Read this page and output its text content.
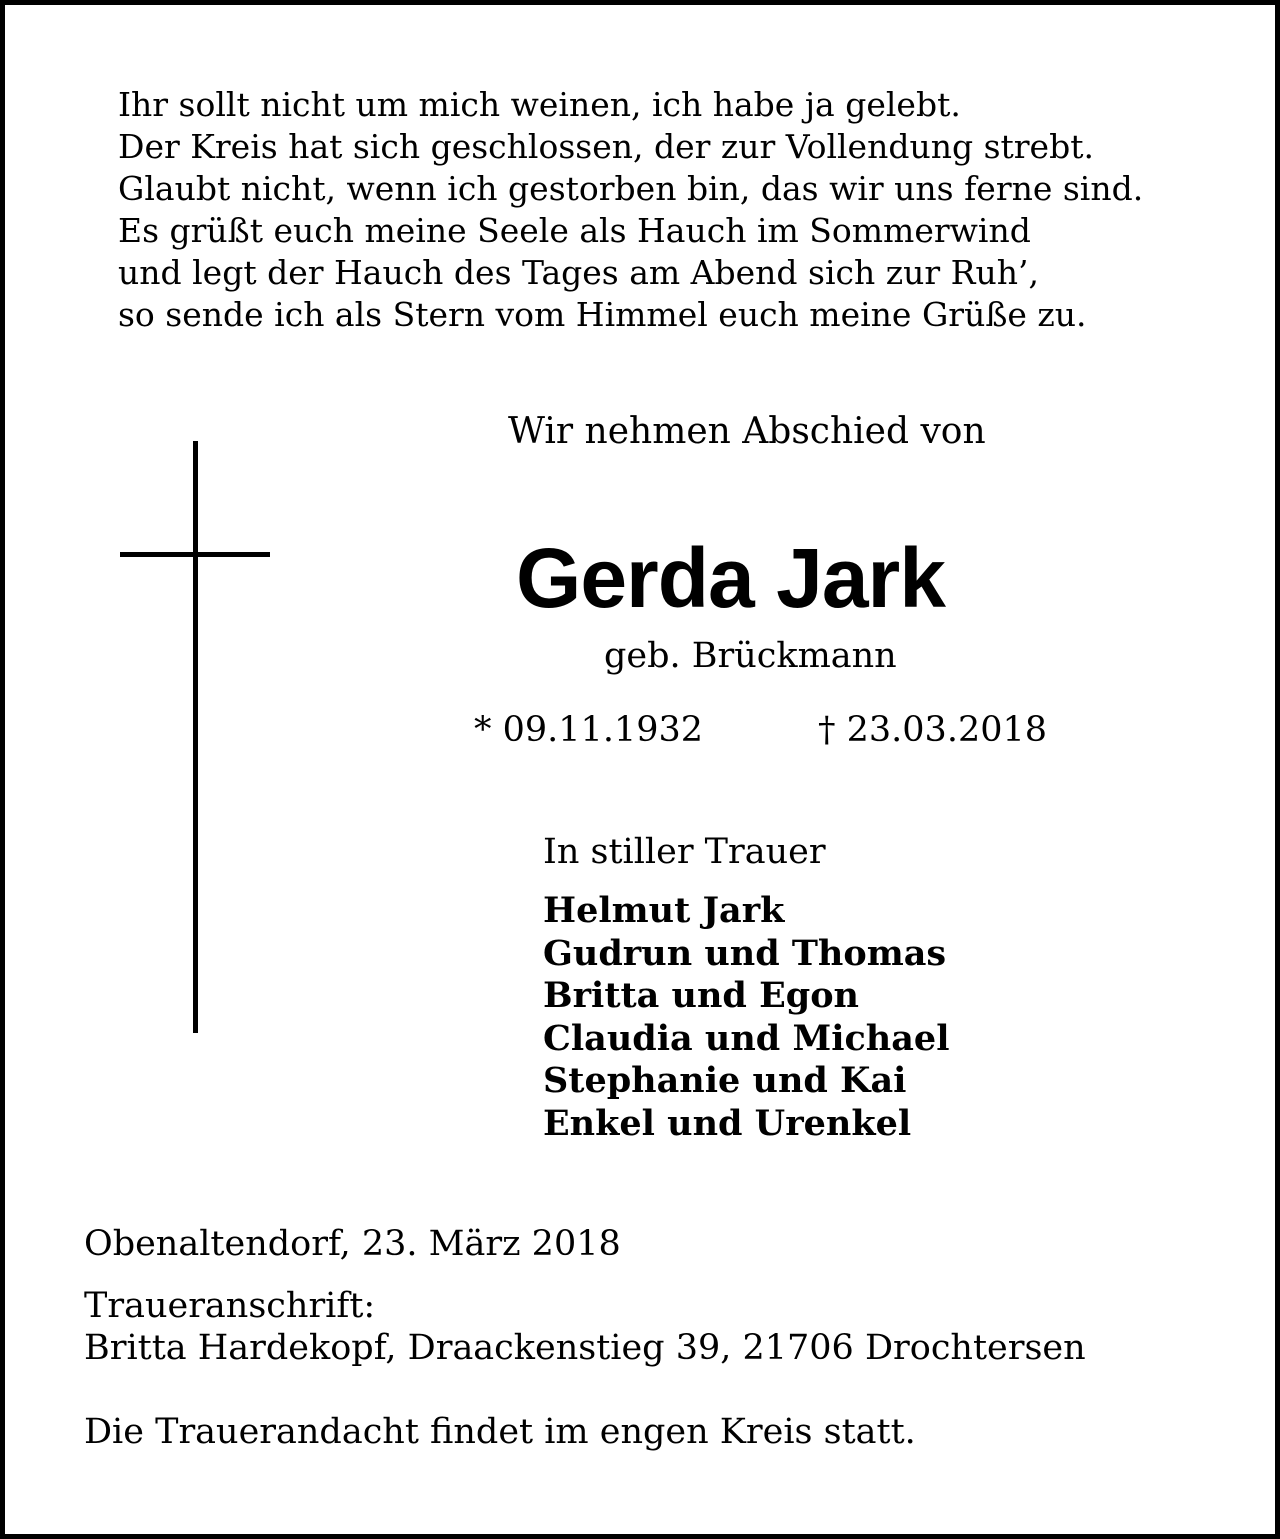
Ihr sollt nicht um mich weinen, ich habe ja gelebt.
Der Kreis hat sich geschlossen, der zur Vollendung strebt.
Glaubt nicht, wenn ich gestorben bin, das wir uns ferne sind.
Es grüßt euch meine Seele als Hauch im Sommerwind
und legt der Hauch des Tages am Abend sich zur Ruh’,
so sende ich als Stern vom Himmel euch meine Grüße zu.
Wir nehmen Abschied von
Gerda Jark
geb. Brückmann
* 09.11.1932	† 23.03.2018
In stiller Trauer
Helmut Jark
Gudrun und Thomas
Britta und Egon
Claudia und Michael
Stephanie und Kai
Enkel und Urenkel
Obenaltendorf, 23. März 2018
Traueranschrift:
Britta Hardekopf, Draackenstieg 39, 21706 Drochtersen
Die Trauerandacht findet im engen Kreis statt.
